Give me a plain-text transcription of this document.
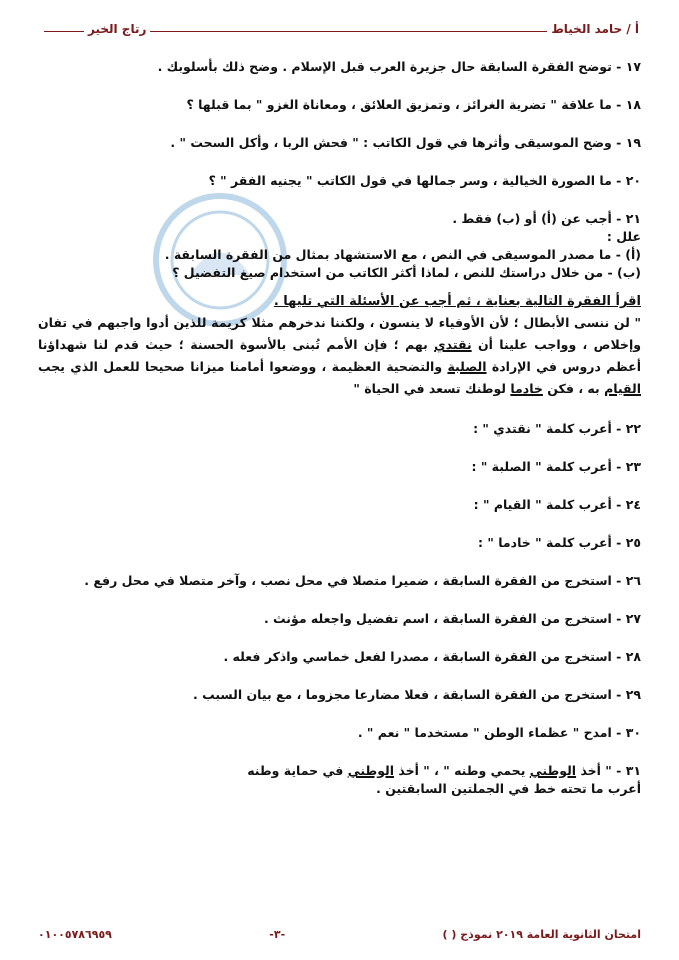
أ / حامد الخياط
رتاج الخير

١٧ - توضح الفقرة السابقة حال جزيرة العرب قبل الإسلام . وضح ذلك بأسلوبك .

١٨ - ما علاقة " تضرية الغرائز ، وتمزيق العلائق ، ومعاناة الغزو " بما قبلها ؟

١٩ - وضح الموسيقى وأثرها في قول الكاتب : " فحش الربا ، وأكل السحت " .

٢٠ - ما الصورة الخيالية ، وسر جمالها في قول الكاتب " يجنيه الفقر " ؟

٢١ - أجب عن (أ) أو (ب) فقط .

علل :
(أ) - ما مصدر الموسيقى في النص ، مع الاستشهاد بمثال من الفقرة السابقة .
(ب) - من خلال دراستك للنص ، لماذا أكثر الكاتب من استخدام صيغ التفضيل ؟
اقرأ الفقرة التالية بعناية ، ثم أجب عن الأسئلة التي تليها .
" لن ننسى الأبطال ؛ لأن الأوفياء لا ينسون ، ولكننا ندخرهم مثلا كريمة للذين أدوا واجبهم في تفان وإخلاص ، وواجب علينا أن نقتدي بهم ؛ فإن الأمم تُبنى بالأسوة الحسنة ؛ حيث قدم لنا شهداؤنا أعظم دروس في الإرادة الصلبة والتضحية العظيمة ، ووضعوا أمامنا ميزانا صحيحا للعمل الذي يجب القيام به ، فكن خادما لوطنك تسعد في الحياة "

٢٢ - أعرب كلمة " نقتدي " :

٢٣ - أعرب كلمة " الصلبة " :

٢٤ - أعرب كلمة " القيام " :

٢٥ - أعرب كلمة " خادما " :

٢٦ - استخرج من الفقرة السابقة ، ضميرا متصلا في محل نصب ، وآخر متصلا في محل رفع .

٢٧ - استخرج من الفقرة السابقة ، اسم تفضيل واجعله مؤنث .

٢٨ - استخرج من الفقرة السابقة ، مصدرا لفعل خماسي واذكر فعله .

٢٩ - استخرج من الفقرة السابقة ، فعلا مضارعا مجزوما ، مع بيان السبب .

٣٠ - امدح " عظماء الوطن " مستخدما " نعم " .

٣١ - " أخذ الوطني يحمي وطنه " ، " أخذ الوطني في حماية وطنه

أعرب ما تحته خط في الجملتين السابقتين .
امتحان الثانوية العامة ٢٠١٩ نموذج ( )
-٣-
٠١٠٠٥٧٨٦٩٥٩
